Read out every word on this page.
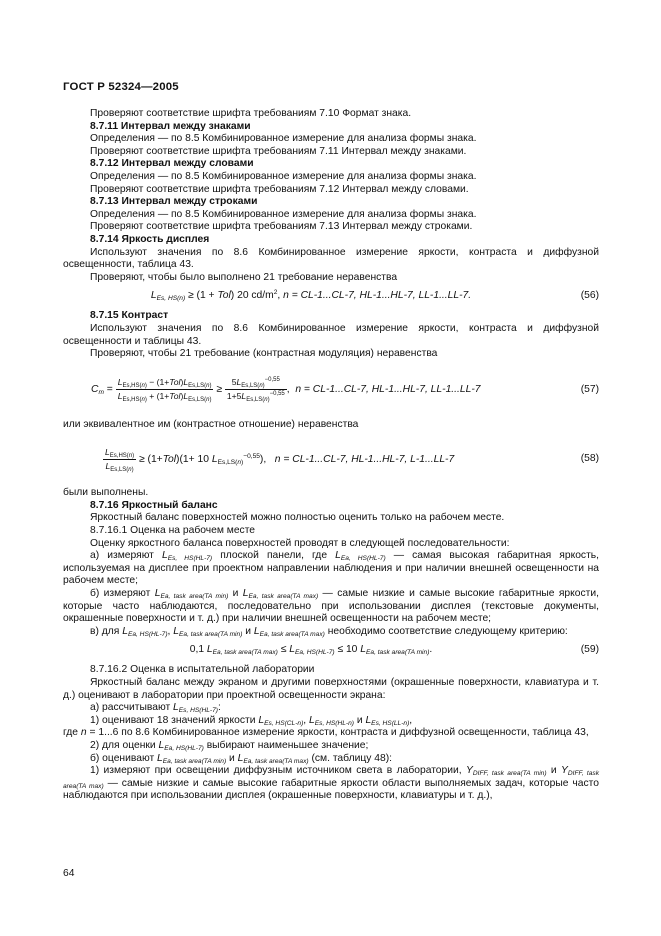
ГОСТ Р 52324—2005

Проверяют соответствие шрифта требованиям 7.10 Формат знака.

8.7.11 Интервал между знаками

Определения — по 8.5 Комбинированное измерение для анализа формы знака.

Проверяют соответствие шрифта требованиям 7.11 Интервал между знаками.

8.7.12 Интервал между словами

Определения — по 8.5 Комбинированное измерение для анализа формы знака.

Проверяют соответствие шрифта требованиям 7.12 Интервал между словами.

8.7.13 Интервал между строками

Определения — по 8.5 Комбинированное измерение для анализа формы знака.

Проверяют соответствие шрифта требованиям 7.13 Интервал между строками.

8.7.14 Яркость дисплея

Используют значения по 8.6 Комбинированное измерение яркости, контраста и диффузной освещенности, таблица 43.

Проверяют, чтобы было выполнено 21 требование неравенства

$L_{Es, HS(n)} \ge (1 + Tol)$ 20 $cd/m^2$, n = CL-1...CL-7, HL-1...HL-7, LL-1...LL-7.	(56)

8.7.15 Контраст

Используют значения по 8.6 Комбинированное измерение яркости, контраста и диффузной освещенности и таблицы 43.

Проверяют, чтобы 21 требование (контрастная модуляция) неравенства

$C_m = \frac{L_{Es,HS(n)} - (1+Tol)L_{Es,LS(n)}}{L_{Es,HS(n)} + (1+Tol)L_{Es,LS(n)}} \ge \frac{5L_{Es,LS(n)}^{-0,55}}{1+5L_{Es,LS(n)}^{-0,55}}$ ,  n = CL-1...CL-7, HL-1...HL-7, LL-1...LL-7	(57)

или эквивалентное им (контрастное отношение) неравенства

$\frac{L_{Es,HS(n)}}{L_{Es,LS(n)}} \ge (1+Tol)(1+ 10$ $L_{Es,LS(n)}^{-0,55}$),   n = CL-1...CL-7, HL-1...HL-7, L-1...LL-7	(58)

были выполнены.

8.7.16 Яркостный баланс

Яркостный баланс поверхностей можно полностью оценить только на рабочем месте.

8.7.16.1 Оценка на рабочем месте

Оценку яркостного баланса поверхностей проводят в следующей последовательности:

а) измеряют $L_{Es, HS(HL-7)}$ плоской панели, где $L_{Ea, HS(HL-7)}$ — самая высокая габаритная яркость, используемая на дисплее при проектном направлении наблюдения и при наличии внешней освещенности на рабочем месте;

б) измеряют $L_{Ea, task area(TA min)}$ и $L_{Ea, task area(TA max)}$ — самые низкие и самые высокие габаритные яркости, которые часто наблюдаются, последовательно при использовании дисплея (текстовые документы, окрашенные поверхности и т. д.) при наличии внешней освещенности на рабочем месте;

в) для $L_{Ea, HS(HL-7)}$, $L_{Ea, task area(TA min)}$ и $L_{Ea, task area(TA max)}$ необходимо соответствие следующему критерию:

0,1 $L_{Ea, task area(TA max)} \le L_{Ea, HS(HL-7)} \le 10$ $L_{Ea, task area(TA min)}$.	(59)

8.7.16.2 Оценка в испытательной лаборатории

Яркостный баланс между экраном и другими поверхностями (окрашенные поверхности, клавиатура и т. д.) оценивают в лаборатории при проектной освещенности экрана:

а) рассчитывают $L_{Es, HS(HL-7)}$:

1) оценивают 18 значений яркости $L_{Es, HS(CL-n)}$, $L_{Es, HS(HL-n)}$ и $L_{Es, HS(LL-n)}$,

где n = 1...6 по 8.6 Комбинированное измерение яркости, контраста и диффузной освещенности, таблица 43,

2) для оценки $L_{Ea, HS(HL-7)}$ выбирают наименьшее значение;

б) оценивают $L_{Ea, task area(TA min)}$ и $L_{Ea, task area(TA max)}$ (см. таблицу 48):

1) измеряют при освещении диффузным источником света в лаборатории, $Y_{DIFF, task area(TA min)}$ и $Y_{DIFF, task area(TA max)}$ — самые низкие и самые высокие габаритные яркости области выполняемых задач, которые часто наблюдаются при использовании дисплея (окрашенные поверхности, клавиатуры и т. д.),

64
